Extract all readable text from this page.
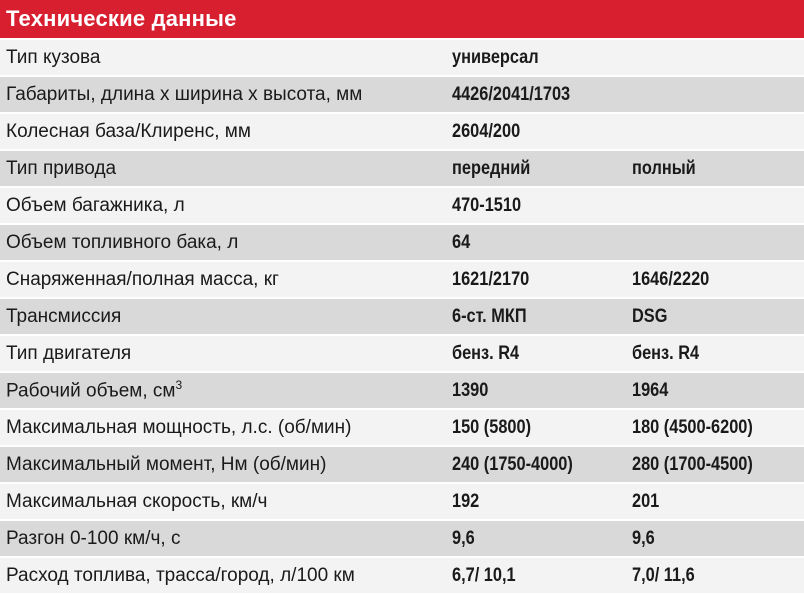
Технические данные
Тип кузова	универсал
Габариты, длина х ширина х высота, мм	4426/2041/1703
Колесная база/Клиренс, мм	2604/200
Тип привода	передний	полный
Объем багажника, л	470-1510
Объем топливного бака, л	64
Снаряженная/полная масса, кг	1621/2170	1646/2220
Трансмиссия	6-ст. МКП	DSG
Тип двигателя	бенз. R4	бенз. R4
Рабочий объем, $см^3$	1390	1964
Максимальная мощность, л.с. (об/мин)	150 (5800)	180 (4500-6200)
Максимальный момент, Нм (об/мин)	240 (1750-4000)	280 (1700-4500)
Максимальная скорость, км/ч	192	201
Разгон 0-100 км/ч, с	9,6	9,6
Расход топлива, трасса/город, л/100 км	6,7/ 10,1	7,0/ 11,6
